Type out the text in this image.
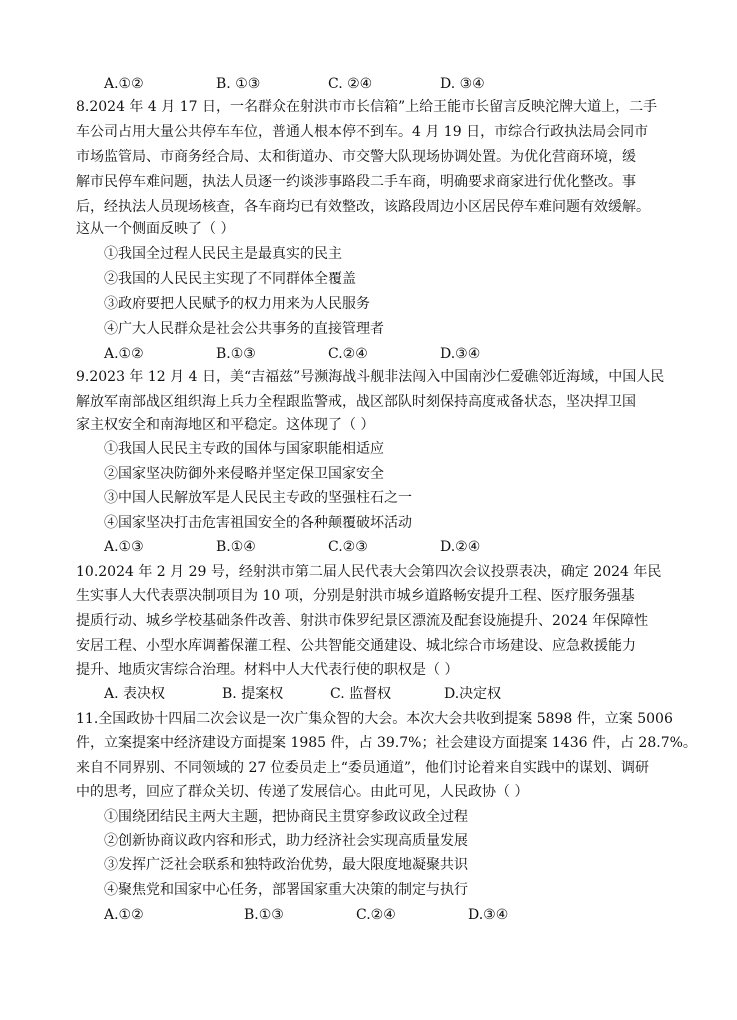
A.①②	B. ①③	C. ②④	D. ③④
8.2024 年 4 月 17 日，一名群众在射洪市市长信箱”上给王能市长留言反映沱牌大道上，二手
车公司占用大量公共停车车位，普通人根本停不到车。4 月 19 日，市综合行政执法局会同市
市场监管局、市商务经合局、太和街道办、市交警大队现场协调处置。为优化营商环境，缓
解市民停车难问题，执法人员逐一约谈涉事路段二手车商，明确要求商家进行优化整改。事
后，经执法人员现场核查，各车商均已有效整改，该路段周边小区居民停车难问题有效缓解。
这从一个侧面反映了（ ）
①我国全过程人民民主是最真实的民主
②我国的人民民主实现了不同群体全覆盖
③政府要把人民赋予的权力用来为人民服务
④广大人民群众是社会公共事务的直接管理者
A.①②	B.①③	C.②④	D.③④
9.2023 年 12 月 4 日，美“吉福兹”号濒海战斗舰非法闯入中国南沙仁爱礁邻近海域，中国人民
解放军南部战区组织海上兵力全程跟监警戒，战区部队时刻保持高度戒备状态，坚决捍卫国
家主权安全和南海地区和平稳定。这体现了（ ）
①我国人民民主专政的国体与国家职能相适应
②国家坚决防御外来侵略并坚定保卫国家安全
③中国人民解放军是人民民主专政的坚强柱石之一
④国家坚决打击危害祖国安全的各种颠覆破坏活动
A.①③	B.①④	C.②③	D.②④
10.2024 年 2 月 29 号，经射洪市第二届人民代表大会第四次会议投票表决，确定 2024 年民
生实事人大代表票决制项目为 10 项，分别是射洪市城乡道路畅安提升工程、医疗服务强基
提质行动、城乡学校基础条件改善、射洪市侏罗纪景区漂流及配套设施提升、2024 年保障性
安居工程、小型水库调蓄保灌工程、公共智能交通建设、城北综合市场建设、应急救援能力
提升、地质灾害综合治理。材料中人大代表行使的职权是（ ）
A. 表决权	B. 提案权	C. 监督权	D.决定权
11.全国政协十四届二次会议是一次广集众智的大会。本次大会共收到提案 5898 件，立案 5006
件，立案提案中经济建设方面提案 1985 件，占 39.7%；社会建设方面提案 1436 件，占 28.7%。
来自不同界别、不同领域的 27 位委员走上“委员通道”，他们讨论着来自实践中的谋划、调研
中的思考，回应了群众关切、传递了发展信心。由此可见，人民政协（ ）
①围绕团结民主两大主题，把协商民主贯穿参政议政全过程
②创新协商议政内容和形式，助力经济社会实现高质量发展
③发挥广泛社会联系和独特政治优势，最大限度地凝聚共识
④聚焦党和国家中心任务，部署国家重大决策的制定与执行
A.①②	B.①③	C.②④	D.③④
